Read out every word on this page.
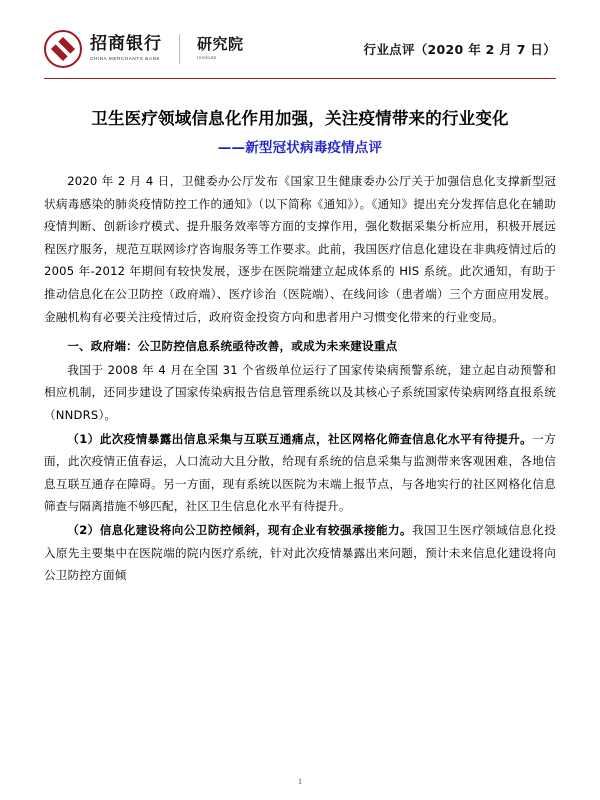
招商银行
CHINA MERCHANTS BANK
研究院
Institute
行业点评（2020 年 2 月 7 日）
卫生医疗领域信息化作用加强，关注疫情带来的行业变化
——新型冠状病毒疫情点评

2020 年 2 月 4 日，卫健委办公厅发布《国家卫生健康委办公厅关于加强信息化支撑新型冠状病毒感染的肺炎疫情防控工作的通知》（以下简称《通知》）。《通知》提出充分发挥信息化在辅助疫情判断、创新诊疗模式、提升服务效率等方面的支撑作用，强化数据采集分析应用，积极开展远程医疗服务，规范互联网诊疗咨询服务等工作要求。此前，我国医疗信息化建设在非典疫情过后的 2005 年-2012 年期间有较快发展，逐步在医院端建立起成体系的 HIS 系统。此次通知，有助于推动信息化在公卫防控（政府端）、医疗诊治（医院端）、在线问诊（患者端）三个方面应用发展。金融机构有必要关注疫情过后，政府资金投资方向和患者用户习惯变化带来的行业变局。

一、政府端：公卫防控信息系统亟待改善，或成为未来建设重点

我国于 2008 年 4 月在全国 31 个省级单位运行了国家传染病预警系统，建立起自动预警和相应机制，还同步建设了国家传染病报告信息管理系统以及其核心子系统国家传染病网络直报系统（NNDRS）。

（1）此次疫情暴露出信息采集与互联互通痛点，社区网格化筛查信息化水平有待提升。一方面，此次疫情正值春运，人口流动大且分散，给现有系统的信息采集与监测带来客观困难，各地信息互联互通存在障碍。另一方面，现有系统以医院为末端上报节点，与各地实行的社区网格化信息筛查与隔离措施不够匹配，社区卫生信息化水平有待提升。

（2）信息化建设将向公卫防控倾斜，现有企业有较强承接能力。我国卫生医疗领域信息化投入原先主要集中在医院端的院内医疗系统，针对此次疫情暴露出来问题，预计未来信息化建设将向公卫防控方面倾

1
